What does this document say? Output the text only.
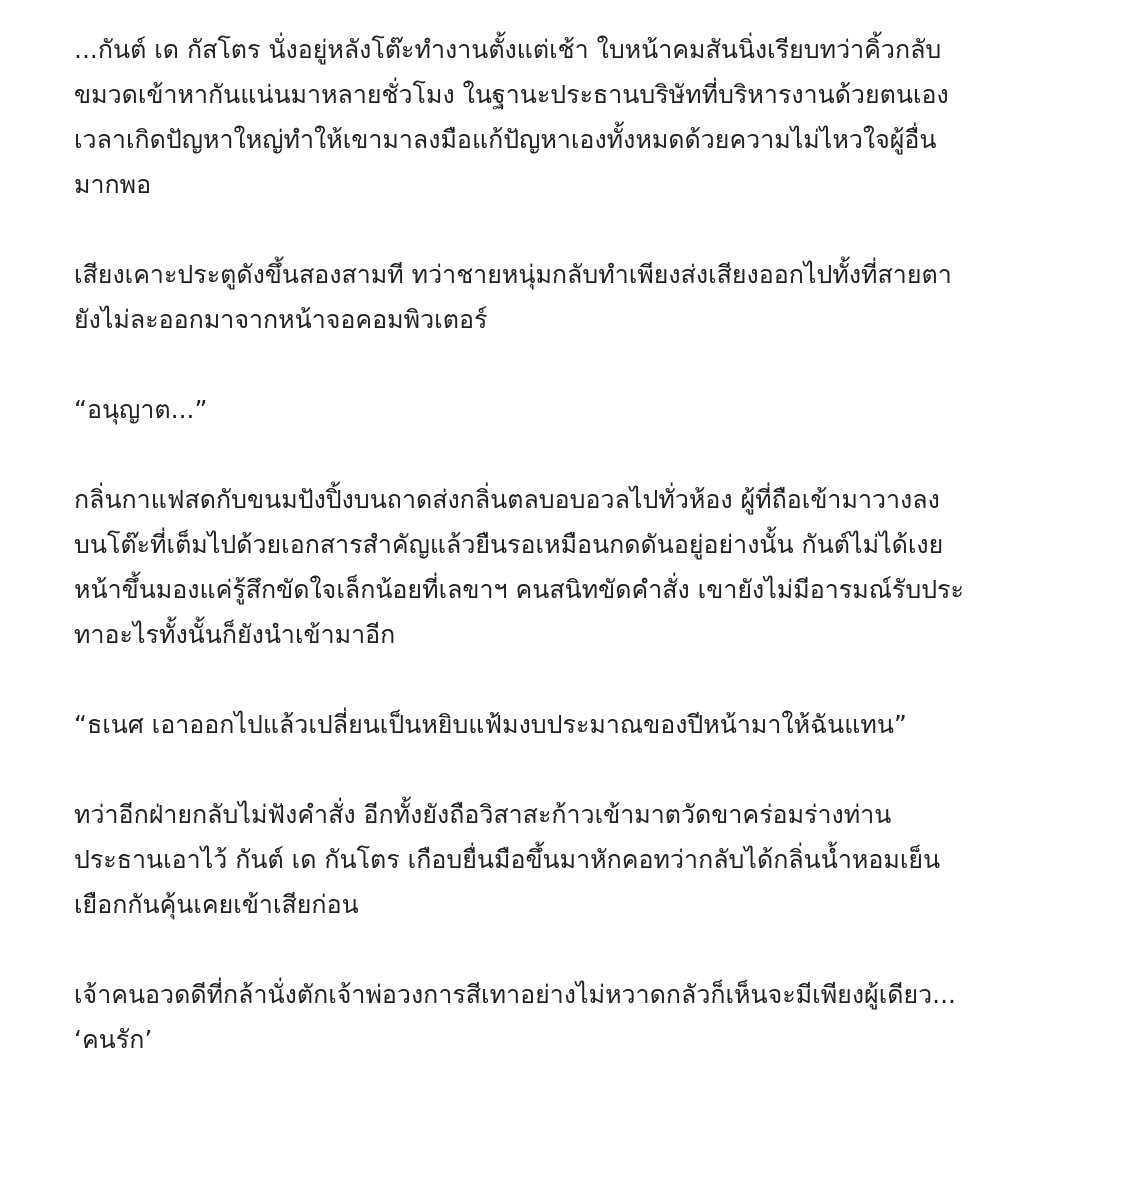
...กันต์ เด กัสโตร นั่งอยู่หลังโต๊ะทำงานตั้งแต่เช้า ใบหน้าคมสันนิ่งเรียบทว่าคิ้วกลับ
ขมวดเข้าหากันแน่นมาหลายชั่วโมง ในฐานะประธานบริษัทที่บริหารงานด้วยตนเอง
เวลาเกิดปัญหาใหญ่ทำให้เขามาลงมือแก้ปัญหาเองทั้งหมดด้วยความไม่ไหวใจผู้อื่น
มากพอ

เสียงเคาะประตูดังขึ้นสองสามที ทว่าชายหนุ่มกลับทำเพียงส่งเสียงออกไปทั้งที่สายตา
ยังไม่ละออกมาจากหน้าจอคอมพิวเตอร์

“อนุญาต...”

กลิ่นกาแฟสดกับขนมปังปิ้งบนถาดส่งกลิ่นตลบอบอวลไปทั่วห้อง ผู้ที่ถือเข้ามาวางลง
บนโต๊ะที่เต็มไปด้วยเอกสารสำคัญแล้วยืนรอเหมือนกดดันอยู่อย่างนั้น กันต์ไม่ได้เงย
หน้าขึ้นมองแค่รู้สึกขัดใจเล็กน้อยที่เลขาฯ คนสนิทขัดคำสั่ง เขายังไม่มีอารมณ์รับประ
ทาอะไรทั้งนั้นก็ยังนำเข้ามาอีก

“ธเนศ เอาออกไปแล้วเปลี่ยนเป็นหยิบแฟ้มงบประมาณของปีหน้ามาให้ฉันแทน”

ทว่าอีกฝ่ายกลับไม่ฟังคำสั่ง อีกทั้งยังถือวิสาสะก้าวเข้ามาตวัดขาคร่อมร่างท่าน
ประธานเอาไว้ กันต์ เด กันโตร เกือบยื่นมือขึ้นมาหักคอทว่ากลับได้กลิ่นน้ำหอมเย็น
เยือกกันคุ้นเคยเข้าเสียก่อน

เจ้าคนอวดดีที่กล้านั่งตักเจ้าพ่อวงการสีเทาอย่างไม่หวาดกลัวก็เห็นจะมีเพียงผู้เดียว...
‘คนรัก’
